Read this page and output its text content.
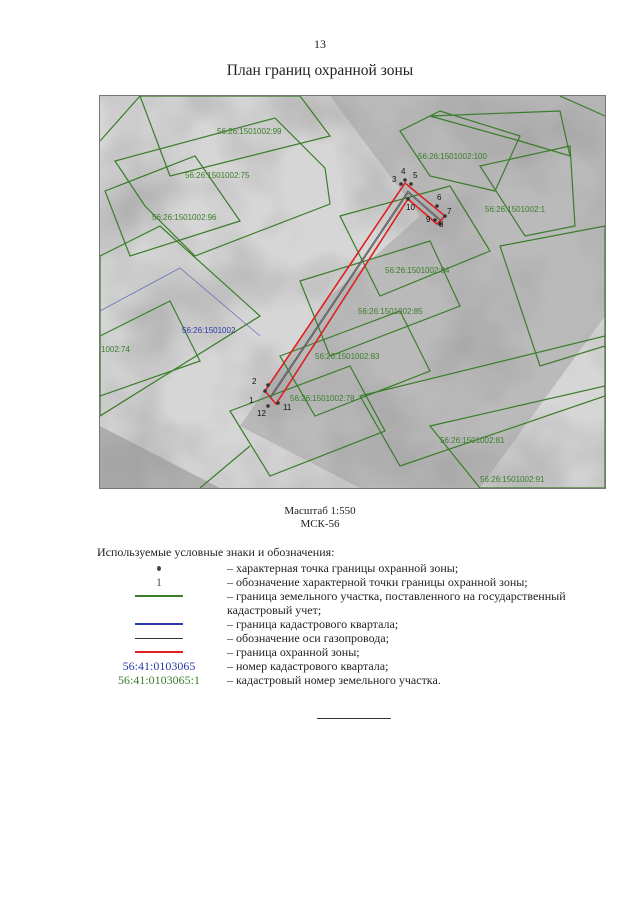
13
План границ охранной зоны
1
2
3
4 5
6
7
8
9
10
11
12
56:26:1501002:99
56:26:1501002:75
56:26:1501002:96
56:26:1501002:100
56:26:1501002:1
56:26:1501002:84
56:26:1501002:85
56:26:1501002:83
56:26:1501002:78
56:26:1501002:81
56:26:1501002:91
1002:74
56:26:1501002
Масштаб 1:550
МСК-56
Используемые условные знаки и обозначения:
– характерная точка границы охранной зоны;
1	– обозначение характерной точки границы охранной зоны;
– граница земельного участка, поставленного на государственный кадастровый учет;
– граница кадастрового квартала;
– обозначение оси газопровода;
– граница охранной зоны;
56:41:0103065	– номер кадастрового квартала;
56:41:0103065:1	– кадастровый номер земельного участка.
